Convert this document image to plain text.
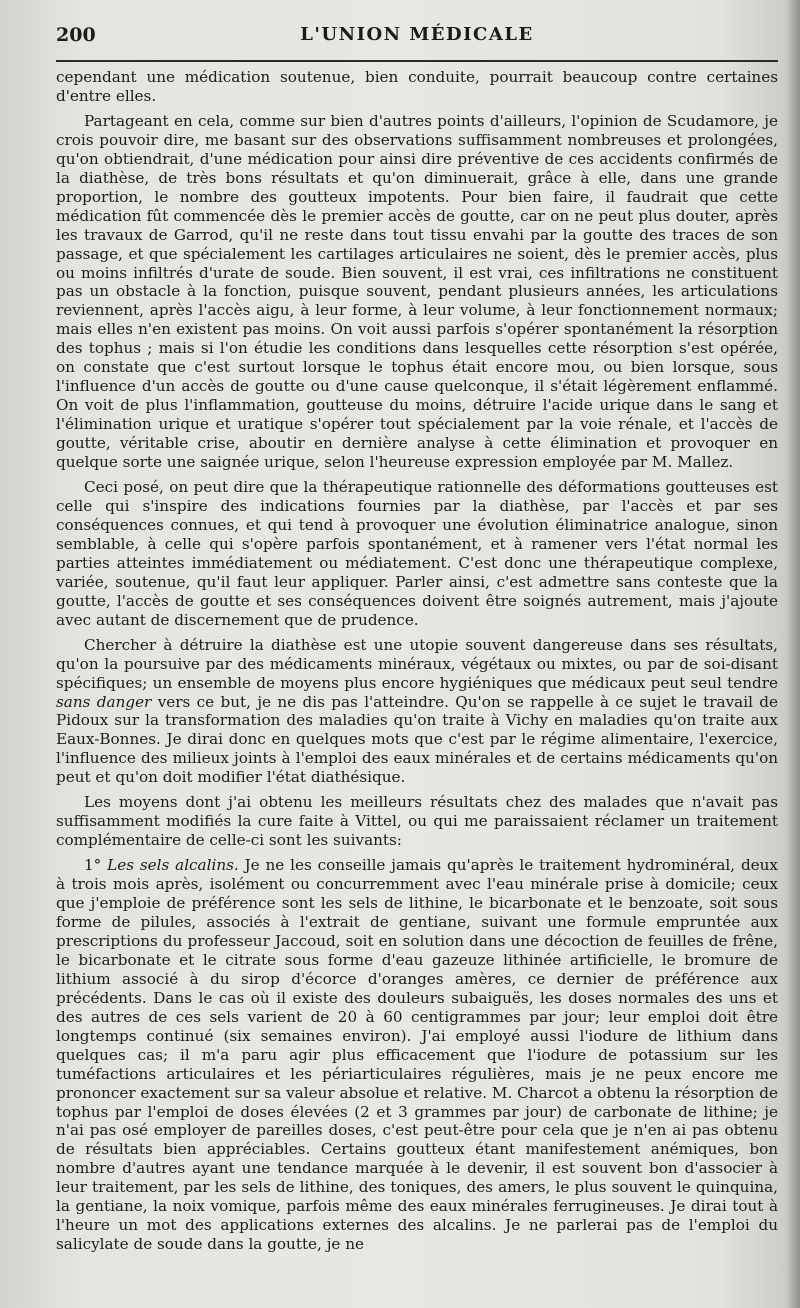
200	L'UNION MÉDICALE

cependant une médication soutenue, bien conduite, pourrait beaucoup contre certaines d'entre elles.

Partageant en cela, comme sur bien d'autres points d'ailleurs, l'opinion de Scudamore, je crois pouvoir dire, me basant sur des observations suffisamment nombreuses et prolongées, qu'on obtiendrait, d'une médication pour ainsi dire préventive de ces accidents confirmés de la diathèse, de très bons résultats et qu'on diminuerait, grâce à elle, dans une grande proportion, le nombre des goutteux impotents. Pour bien faire, il faudrait que cette médication fût commencée dès le premier accès de goutte, car on ne peut plus douter, après les travaux de Garrod, qu'il ne reste dans tout tissu envahi par la goutte des traces de son passage, et que spécialement les cartilages articulaires ne soient, dès le premier accès, plus ou moins infiltrés d'urate de soude. Bien souvent, il est vrai, ces infiltrations ne constituent pas un obstacle à la fonction, puisque souvent, pendant plusieurs années, les articulations reviennent, après l'accès aigu, à leur forme, à leur volume, à leur fonctionnement normaux; mais elles n'en existent pas moins. On voit aussi parfois s'opérer spontanément la résorption des tophus ; mais si l'on étudie les conditions dans lesquelles cette résorption s'est opérée, on constate que c'est surtout lorsque le tophus était encore mou, ou bien lorsque, sous l'influence d'un accès de goutte ou d'une cause quelconque, il s'était légèrement enflammé. On voit de plus l'inflammation, goutteuse du moins, détruire l'acide urique dans le sang et l'élimination urique et uratique s'opérer tout spécialement par la voie rénale, et l'accès de goutte, véritable crise, aboutir en dernière analyse à cette élimination et provoquer en quelque sorte une saignée urique, selon l'heureuse expression employée par M. Mallez.

Ceci posé, on peut dire que la thérapeutique rationnelle des déformations goutteuses est celle qui s'inspire des indications fournies par la diathèse, par l'accès et par ses conséquences connues, et qui tend à provoquer une évolution éliminatrice analogue, sinon semblable, à celle qui s'opère parfois spontanément, et à ramener vers l'état normal les parties atteintes immédiatement ou médiatement. C'est donc une thérapeutique complexe, variée, soutenue, qu'il faut leur appliquer. Parler ainsi, c'est admettre sans conteste que la goutte, l'accès de goutte et ses conséquences doivent être soignés autrement, mais j'ajoute avec autant de discernement que de prudence.

Chercher à détruire la diathèse est une utopie souvent dangereuse dans ses résultats, qu'on la poursuive par des médicaments minéraux, végétaux ou mixtes, ou par de soi-disant spécifiques; un ensemble de moyens plus encore hygiéniques que médicaux peut seul tendre sans danger vers ce but, je ne dis pas l'atteindre. Qu'on se rappelle à ce sujet le travail de Pidoux sur la transformation des maladies qu'on traite à Vichy en maladies qu'on traite aux Eaux-Bonnes. Je dirai donc en quelques mots que c'est par le régime alimentaire, l'exercice, l'influence des milieux joints à l'emploi des eaux minérales et de certains médicaments qu'on peut et qu'on doit modifier l'état diathésique.

Les moyens dont j'ai obtenu les meilleurs résultats chez des malades que n'avait pas suffisamment modifiés la cure faite à Vittel, ou qui me paraissaient réclamer un traitement complémentaire de celle-ci sont les suivants:

1° Les sels alcalins. Je ne les conseille jamais qu'après le traitement hydrominéral, deux à trois mois après, isolément ou concurremment avec l'eau minérale prise à domicile; ceux que j'emploie de préférence sont les sels de lithine, le bicarbonate et le benzoate, soit sous forme de pilules, associés à l'extrait de gentiane, suivant une formule empruntée aux prescriptions du professeur Jaccoud, soit en solution dans une décoction de feuilles de frêne, le bicarbonate et le citrate sous forme d'eau gazeuze lithinée artificielle, le bromure de lithium associé à du sirop d'écorce d'oranges amères, ce dernier de préférence aux précédents. Dans le cas où il existe des douleurs subaiguës, les doses normales des uns et des autres de ces sels varient de 20 à 60 centigrammes par jour; leur emploi doit être longtemps continué (six semaines environ). J'ai employé aussi l'iodure de lithium dans quelques cas; il m'a paru agir plus efficacement que l'iodure de potassium sur les tuméfactions articulaires et les périarticulaires régulières, mais je ne peux encore me prononcer exactement sur sa valeur absolue et relative. M. Charcot a obtenu la résorption de tophus par l'emploi de doses élevées (2 et 3 grammes par jour) de carbonate de lithine; je n'ai pas osé employer de pareilles doses, c'est peut-être pour cela que je n'en ai pas obtenu de résultats bien appréciables. Certains goutteux étant manifestement anémiques, bon nombre d'autres ayant une tendance marquée à le devenir, il est souvent bon d'associer à leur traitement, par les sels de lithine, des toniques, des amers, le plus souvent le quinquina, la gentiane, la noix vomique, parfois même des eaux minérales ferrugineuses. Je dirai tout à l'heure un mot des applications externes des alcalins. Je ne parlerai pas de l'emploi du salicylate de soude dans la goutte, je ne
